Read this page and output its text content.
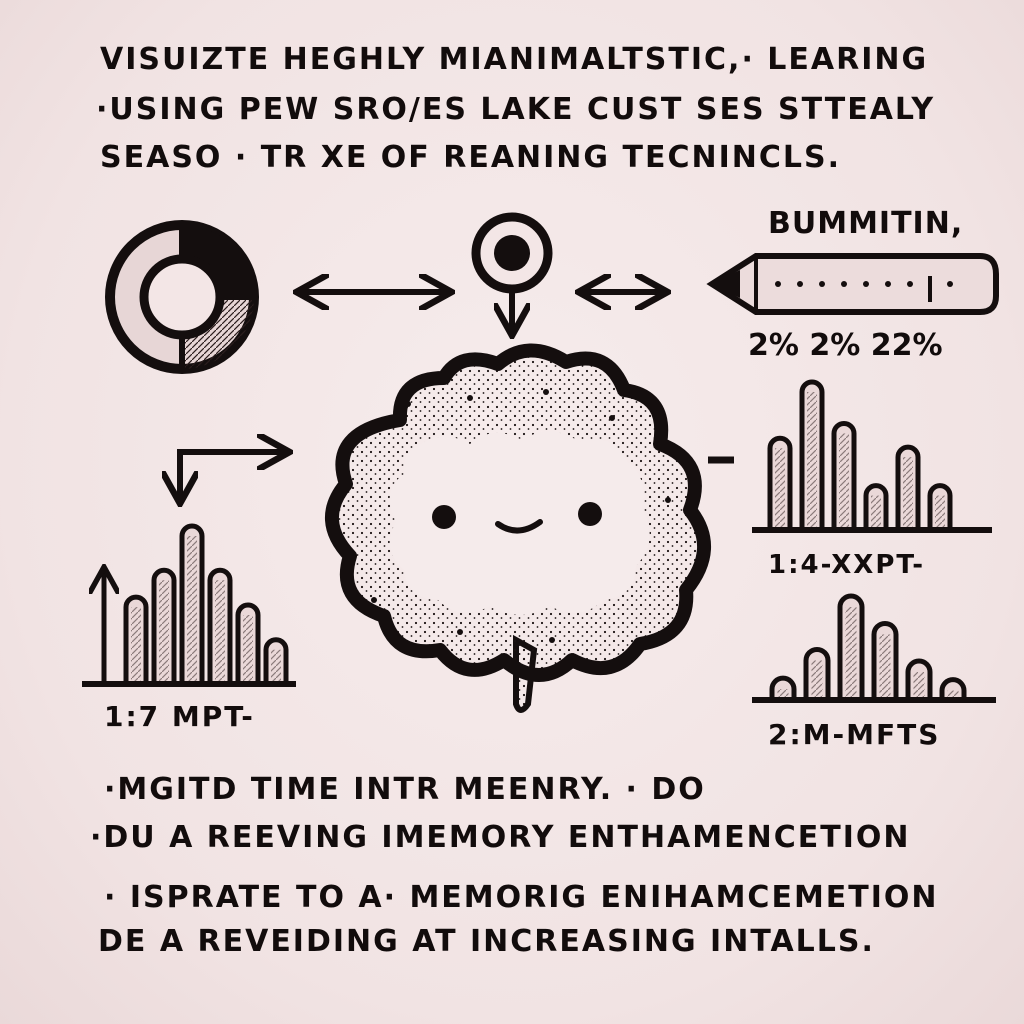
VISUIZTE HEGHLY MIANIMALTSTIC,· LEARING
·USING PEW SRO/ES LAKE CUST SES STTEALY
SEASO · TR XE OF REANING TECNINCLS.
BUMMITIN,
2% 2% 22%
1:7 MPT-
1:4-XXPT-
2:M-MFTS
·MGITD TIME INTR MEENRY. · DO
·DU A REEVING IMEMORY ENTHAMENCETION
· ISPRATE TO A· MEMORIG ENIHAMCEMETION
DE A REVEIDING AT INCREASING INTALLS.
